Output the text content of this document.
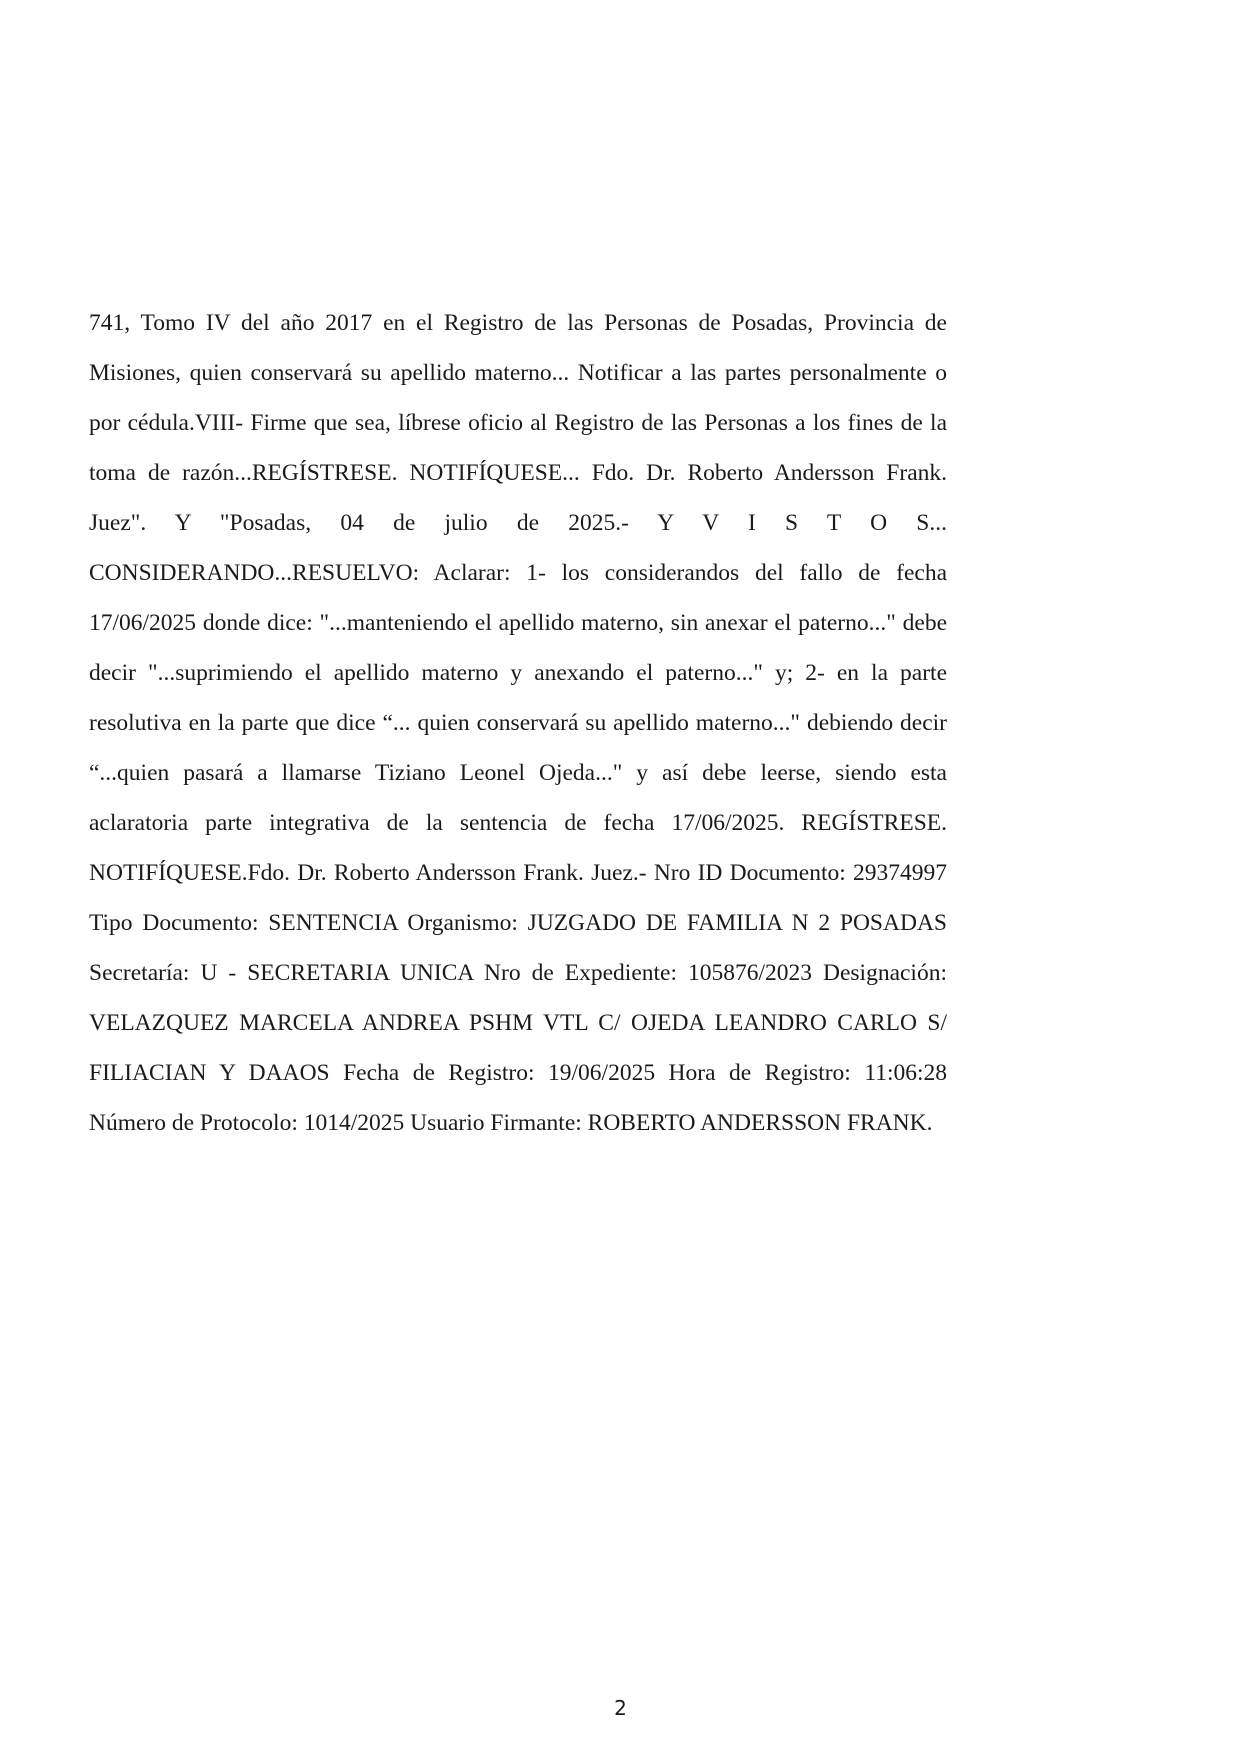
741, Tomo IV del año 2017 en el Registro de las Personas de Posadas, Provincia de Misiones, quien conservará su apellido materno... Notificar a las partes personalmente o por cédula.VIII- Firme que sea, líbrese oficio al Registro de las Personas a los fines de la toma de razón...REGÍSTRESE. NOTIFÍQUESE... Fdo. Dr. Roberto Andersson Frank. Juez". Y "Posadas, 04 de julio de 2025.- Y V I S T O S... CONSIDERANDO...RESUELVO: Aclarar: 1- los considerandos del fallo de fecha 17/06/2025 donde dice: "...manteniendo el apellido materno, sin anexar el paterno..." debe decir "...suprimiendo el apellido materno y anexando el paterno..." y; 2- en la parte resolutiva en la parte que dice “... quien conservará su apellido materno..." debiendo decir “...quien pasará a llamarse Tiziano Leonel Ojeda..." y así debe leerse, siendo esta aclaratoria parte integrativa de la sentencia de fecha 17/06/2025. REGÍSTRESE. NOTIFÍQUESE.Fdo. Dr. Roberto Andersson Frank. Juez.- Nro ID Documento: 29374997 Tipo Documento: SENTENCIA Organismo: JUZGADO DE FAMILIA N 2 POSADAS Secretaría: U - SECRETARIA UNICA Nro de Expediente: 105876/2023 Designación: VELAZQUEZ MARCELA ANDREA PSHM VTL C/ OJEDA LEANDRO CARLO S/ FILIACIAN Y DAAOS Fecha de Registro: 19/06/2025 Hora de Registro: 11:06:28 Número de Protocolo: 1014/2025 Usuario Firmante: ROBERTO ANDERSSON FRANK.

2
